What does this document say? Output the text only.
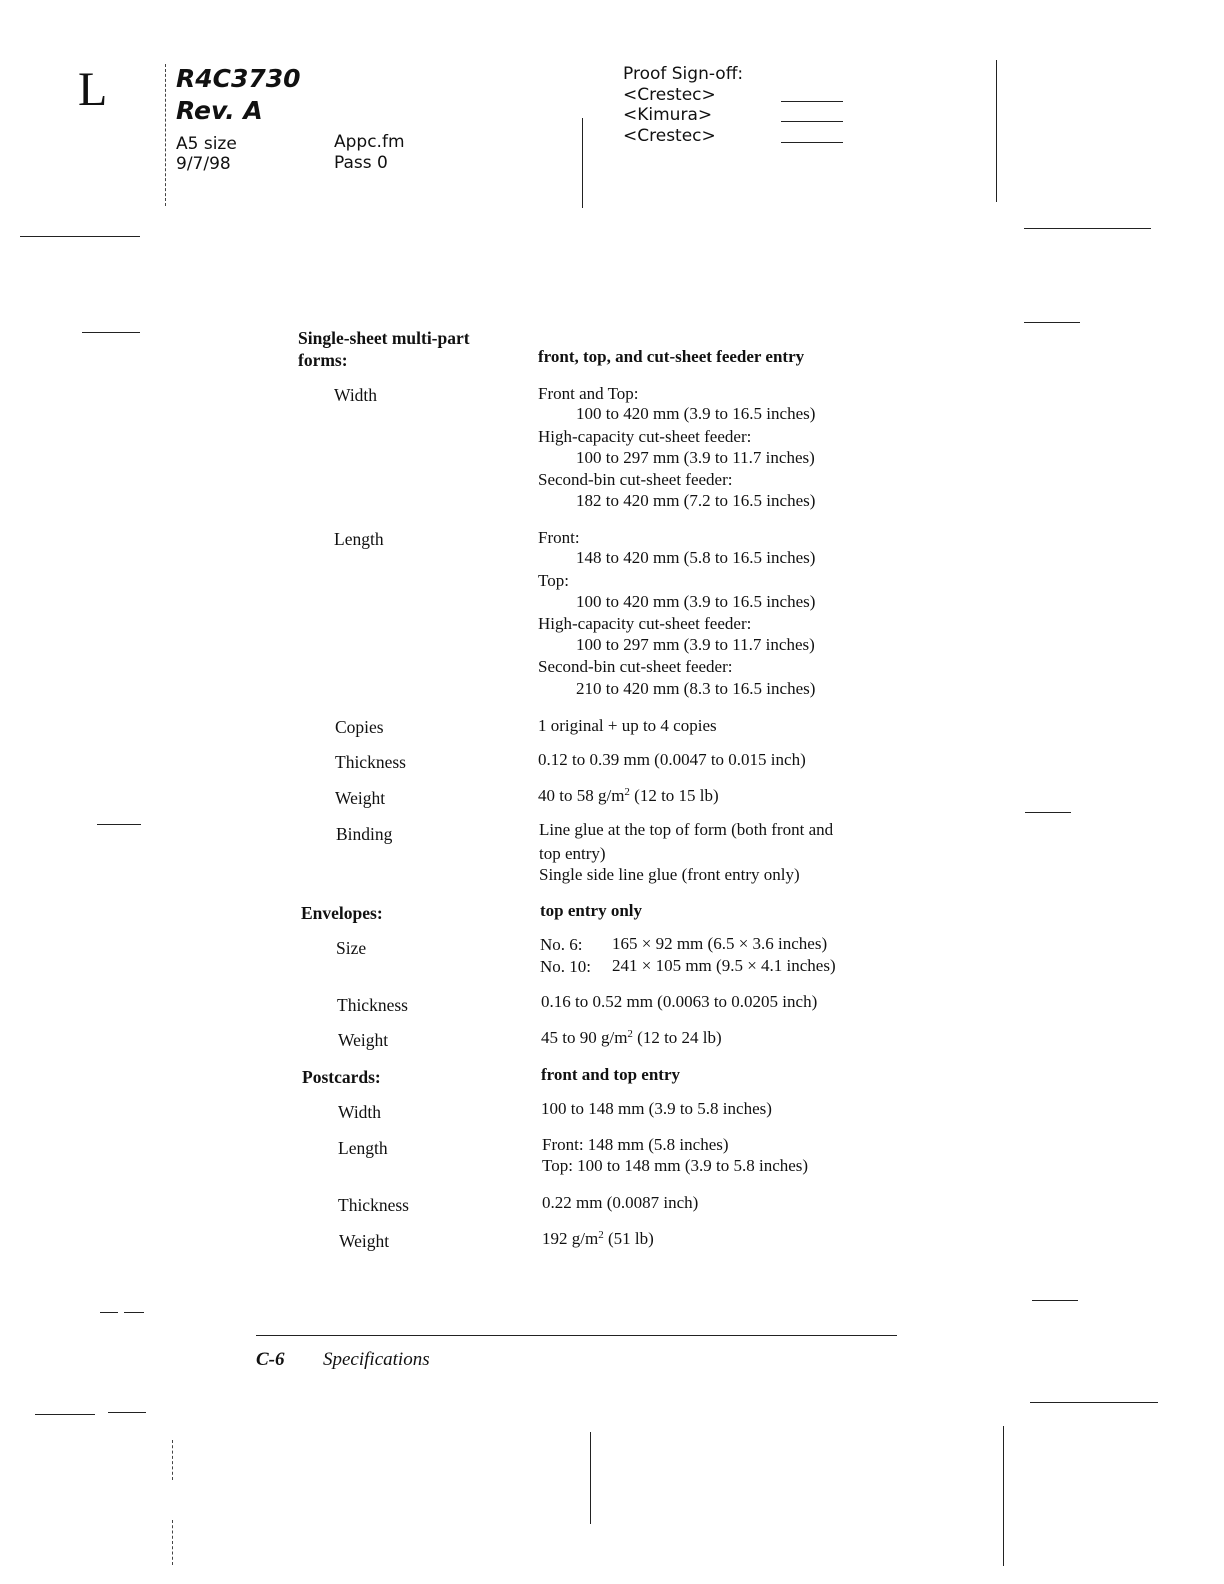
L	R4C3730
Rev. A
A5 size
9/7/98
Appc.fm
Pass 0
Proof Sign-off:
<Crestec>
<Kimura>
<Crestec>
Single-sheet multi-part
forms:	front, top, and cut-sheet feeder entry
Width	Front and Top:
100 to 420 mm (3.9 to 16.5 inches)
High-capacity cut-sheet feeder:
100 to 297 mm (3.9 to 11.7 inches)
Second-bin cut-sheet feeder:
182 to 420 mm (7.2 to 16.5 inches)
Length	Front:
148 to 420 mm (5.8 to 16.5 inches)
Top:
100 to 420 mm (3.9 to 16.5 inches)
High-capacity cut-sheet feeder:
100 to 297 mm (3.9 to 11.7 inches)
Second-bin cut-sheet feeder:
210 to 420 mm (8.3 to 16.5 inches)
Copies	1 original + up to 4 copies
Thickness	0.12 to 0.39 mm (0.0047 to 0.015 inch)
Weight	40 to 58 $g/m^2$ (12 to 15 lb)
Binding	Line glue at the top of form (both front and
top entry)
Single side line glue (front entry only)
Envelopes:	top entry only
Size	No. 6: 165 × 92 mm (6.5 × 3.6 inches)
No. 10: 241 × 105 mm (9.5 × 4.1 inches)
Thickness	0.16 to 0.52 mm (0.0063 to 0.0205 inch)
Weight	45 to 90 $g/m^2$ (12 to 24 lb)
Postcards:	front and top entry
Width	100 to 148 mm (3.9 to 5.8 inches)
Length	Front: 148 mm (5.8 inches)
Top: 100 to 148 mm (3.9 to 5.8 inches)
Thickness	0.22 mm (0.0087 inch)
Weight	192 $g/m^2$ (51 lb)
C-6 Specifications
